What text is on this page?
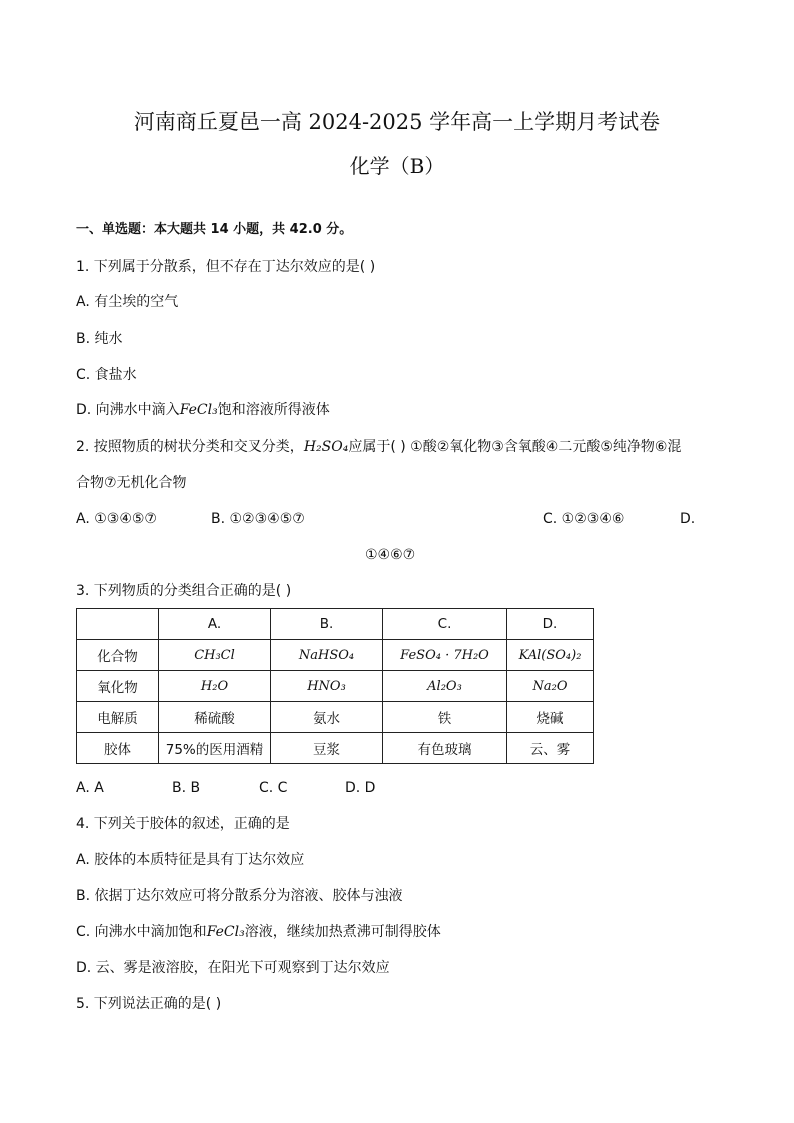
河南商丘夏邑一高 2024-2025 学年高一上学期月考试卷
化学（B）
一、单选题：本大题共 14 小题，共 42.0 分。
1. 下列属于分散系，但不存在丁达尔效应的是( )
A. 有尘埃的空气
B. 纯水
C. 食盐水
D. 向沸水中滴入FeCl₃饱和溶液所得液体
2. 按照物质的树状分类和交叉分类，H₂SO₄应属于( ) ①酸②氧化物③含氧酸④二元酸⑤纯净物⑥混
合物⑦无机化合物
A. ①③④⑤⑦	B. ①②③④⑤⑦	C. ①②③④⑥	D.
①④⑥⑦
3. 下列物质的分类组合正确的是( )
	A.	B.	C.	D.
化合物	CH₃Cl	NaHSO₄	FeSO₄ · 7H₂O	KAl(SO₄)₂
氧化物	H₂O	HNO₃	Al₂O₃	Na₂O
电解质	稀硫酸	氨水	铁	烧碱
胶体	75%的医用酒精	豆浆	有色玻璃	云、雾
A. A	B. B	C. C	D. D
4. 下列关于胶体的叙述，正确的是
A. 胶体的本质特征是具有丁达尔效应
B. 依据丁达尔效应可将分散系分为溶液、胶体与浊液
C. 向沸水中滴加饱和FeCl₃溶液，继续加热煮沸可制得胶体
D. 云、雾是液溶胶，在阳光下可观察到丁达尔效应
5. 下列说法正确的是( )
